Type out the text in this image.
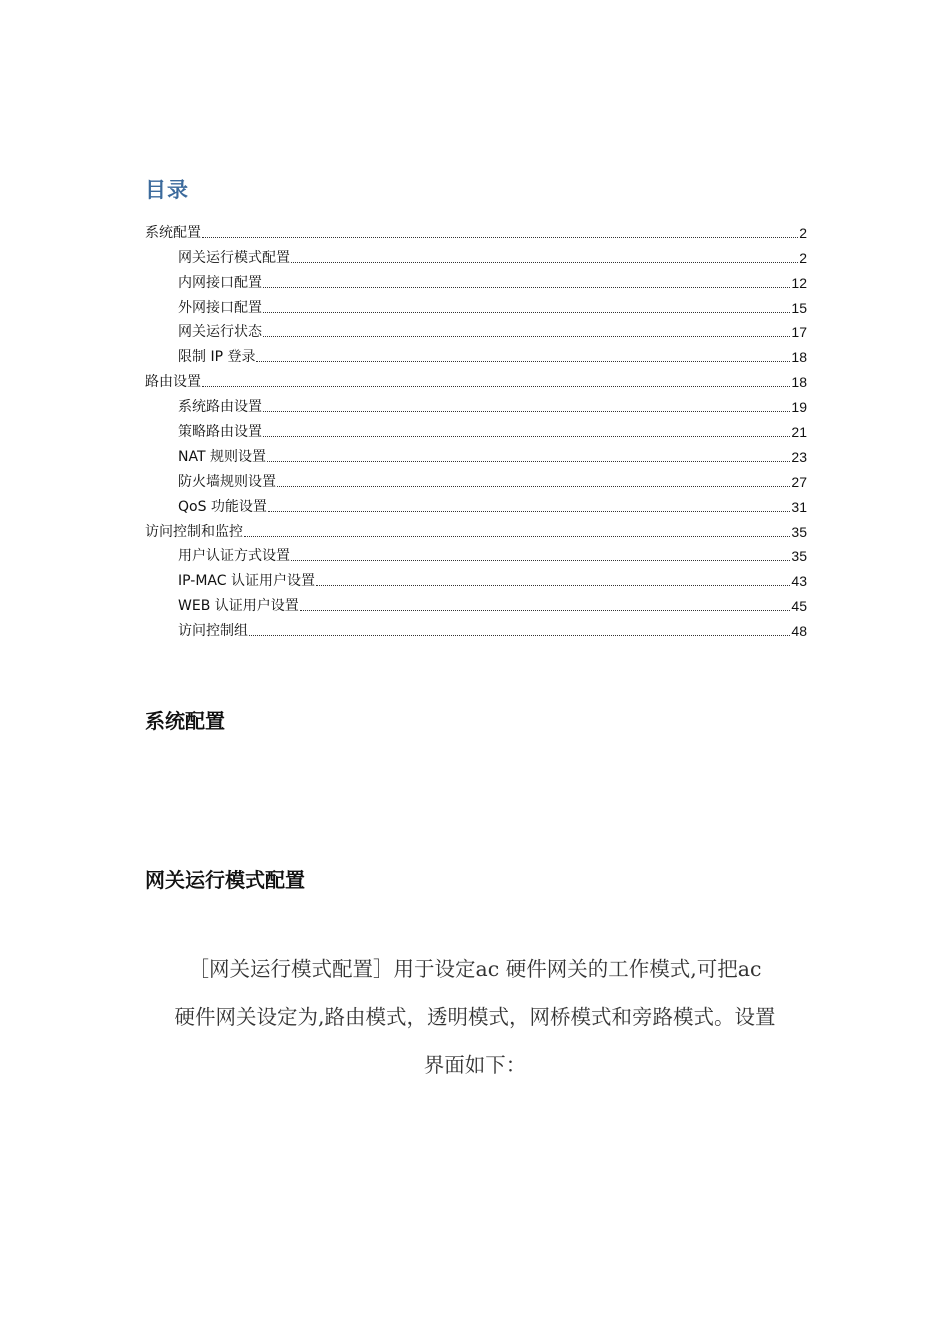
目录
系统配置	2
网关运行模式配置	2
内网接口配置	12
外网接口配置	15
网关运行状态	17
限制 IP 登录	18
路由设置	18
系统路由设置	19
策略路由设置	21
NAT 规则设置	23
防火墙规则设置	27
QoS 功能设置	31
访问控制和监控	35
用户认证方式设置	35
IP-MAC 认证用户设置	43
WEB 认证用户设置	45
访问控制组	48
系统配置
网关运行模式配置
［网关运行模式配置］用于设定ac 硬件网关的工作模式,可把ac
硬件网关设定为,路由模式，透明模式，网桥模式和旁路模式。设置
界面如下：
